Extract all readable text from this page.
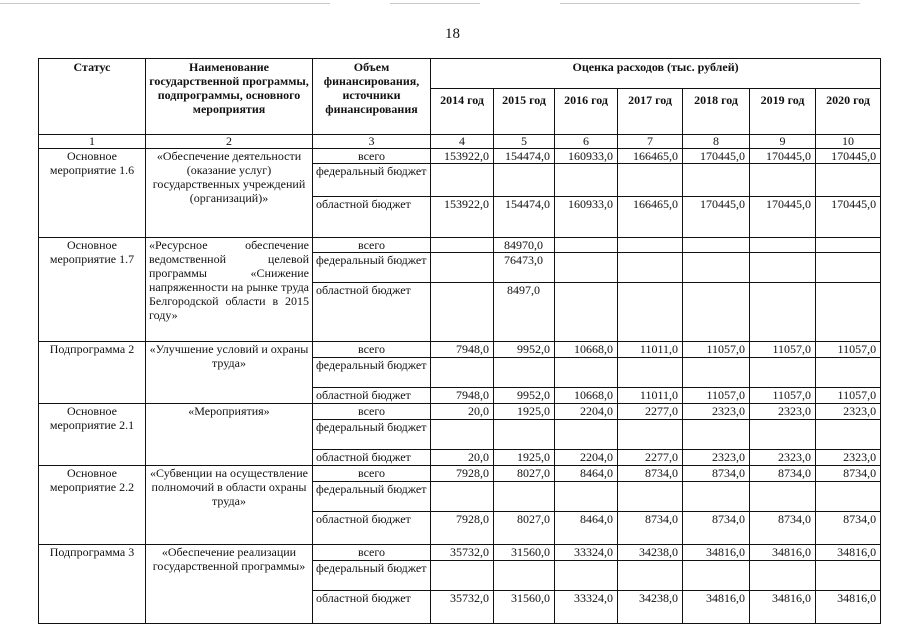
18
Статус	Наименование государственной программы, подпрограммы, основного мероприятия	Объем финансирования, источники финансирования	Оценка расходов (тыс. рублей)						
			2014 год	2015 год	2016 год	2017 год	2018 год	2019 год	2020 год
1	2	3	4	5	6	7	8	9	10
Основное мероприятие 1.6	«Обеспечение деятельности (оказание услуг) государственных учреждений (организаций)»	всего	153922,0	154474,0	160933,0	166465,0	170445,0	170445,0	170445,0
		федеральный бюджет							
		областной бюджет	153922,0	154474,0	160933,0	166465,0	170445,0	170445,0	170445,0
Основное мероприятие 1.7	«Ресурсное обеспечение ведомственной целевой программы «Снижение напряженности на рынке труда Белгородской области в 2015 году»	всего		84970,0					
		федеральный бюджет		76473,0					
		областной бюджет		8497,0					
Подпрограмма 2	«Улучшение условий и охраны труда»	всего	7948,0	9952,0	10668,0	11011,0	11057,0	11057,0	11057,0
		федеральный бюджет							
		областной бюджет	7948,0	9952,0	10668,0	11011,0	11057,0	11057,0	11057,0
Основное мероприятие 2.1	«Мероприятия»	всего	20,0	1925,0	2204,0	2277,0	2323,0	2323,0	2323,0
		федеральный бюджет							
		областной бюджет	20,0	1925,0	2204,0	2277,0	2323,0	2323,0	2323,0
Основное мероприятие 2.2	«Субвенции на осуществление полномочий в области охраны труда»	всего	7928,0	8027,0	8464,0	8734,0	8734,0	8734,0	8734,0
		федеральный бюджет							
		областной бюджет	7928,0	8027,0	8464,0	8734,0	8734,0	8734,0	8734,0
Подпрограмма 3	«Обеспечение реализации государственной программы»	всего	35732,0	31560,0	33324,0	34238,0	34816,0	34816,0	34816,0
		федеральный бюджет							
		областной бюджет	35732,0	31560,0	33324,0	34238,0	34816,0	34816,0	34816,0
